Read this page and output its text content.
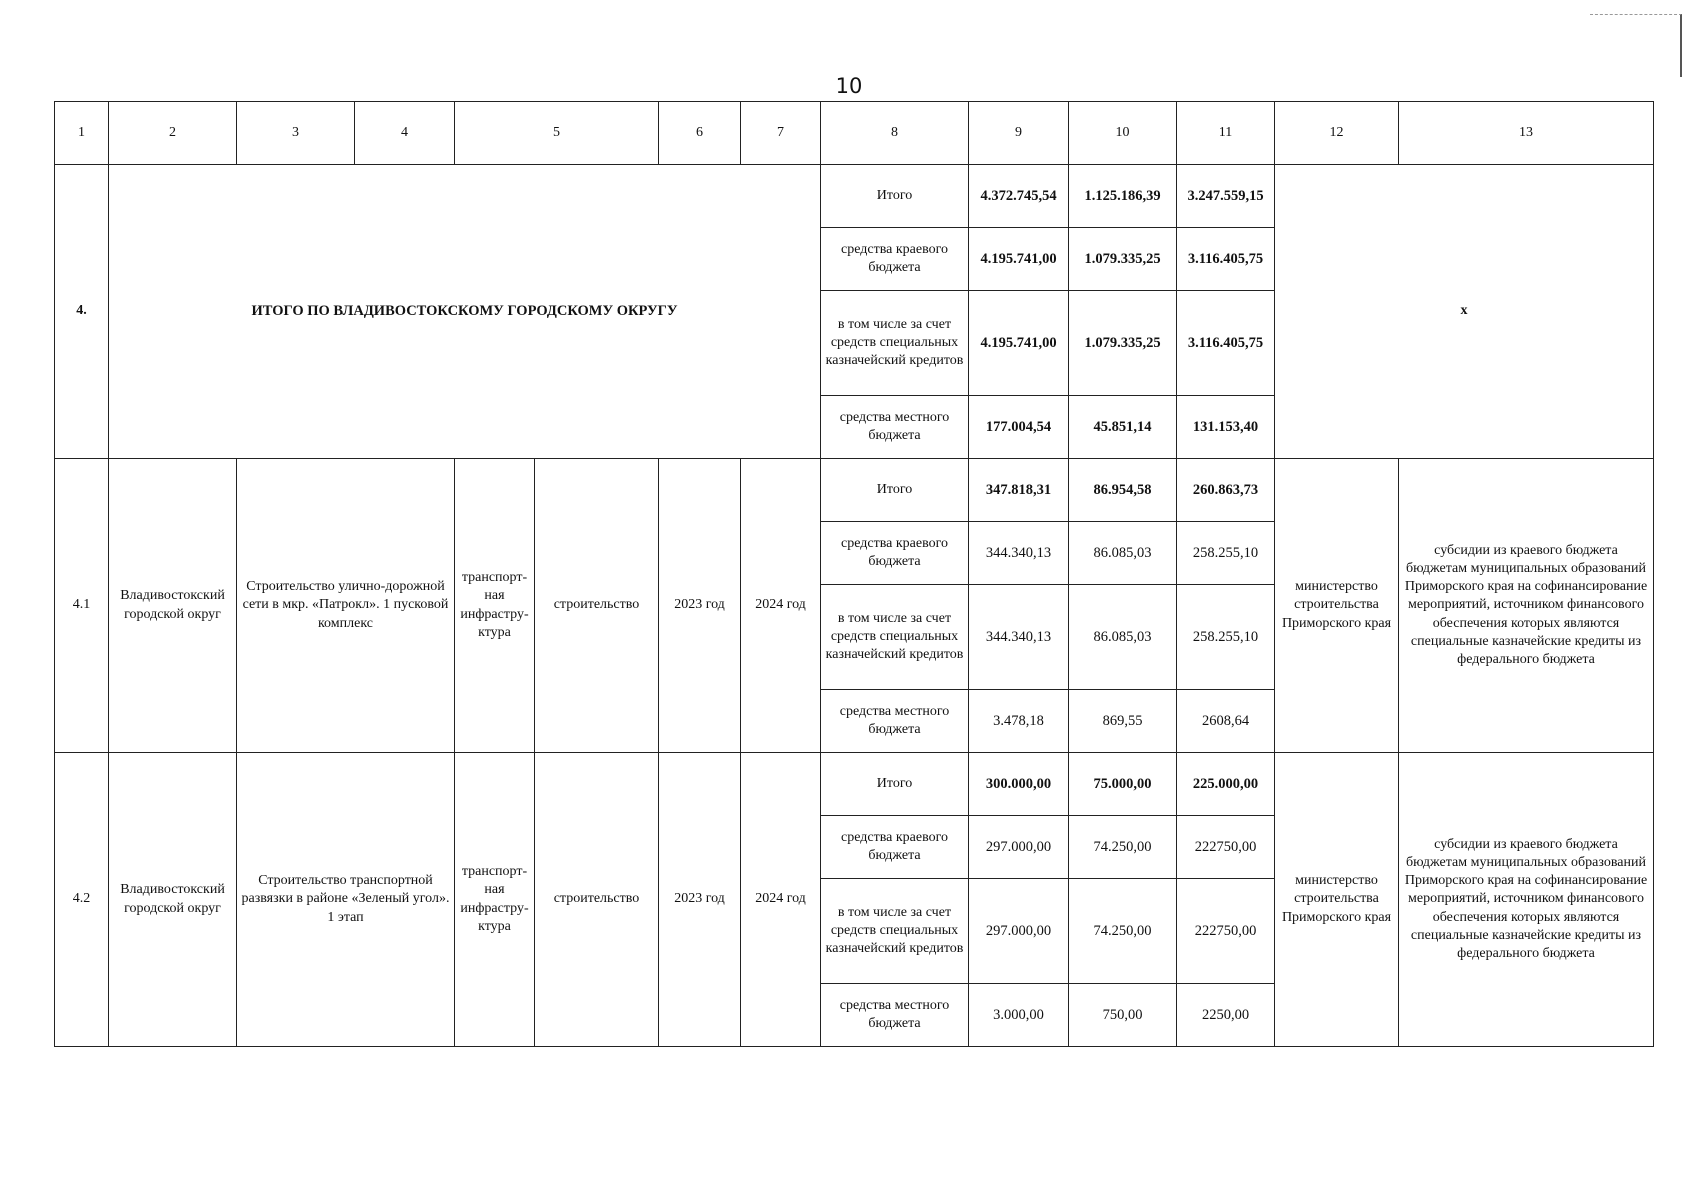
10
1	2	3	4	5		6	7	8	9	10	11	12	13
4.	ИТОГО ПО ВЛАДИВОСТОКСКОМУ ГОРОДСКОМУ ОКРУГУ							Итого	4.372.745,54	1.125.186,39	3.247.559,15	х	
								средства краевого бюджета	4.195.741,00	1.079.335,25	3.116.405,75		
								в том числе за счет средств специальных казначейский кредитов	4.195.741,00	1.079.335,25	3.116.405,75		
								средства местного бюджета	177.004,54	45.851,14	131.153,40		
4.1	Владивостокский городской округ	Строительство улично-дорожной сети в мкр. «Патрокл». 1 пусковой комплекс		транспорт-ная инфрастру-ктура	строительство	2023 год	2024 год	Итого	347.818,31	86.954,58	260.863,73	министерство строительства Приморского края	субсидии из краевого бюджета бюджетам муниципальных образований Приморского края на софинансирование мероприятий, источником финансового обеспечения которых являются специальные казначейские кредиты из федерального бюджета
								средства краевого бюджета	344.340,13	86.085,03	258.255,10		
								в том числе за счет средств специальных казначейский кредитов	344.340,13	86.085,03	258.255,10		
								средства местного бюджета	3.478,18	869,55	2608,64		
4.2	Владивостокский городской округ	Строительство транспортной развязки в районе «Зеленый угол». 1 этап		транспорт-ная инфрастру-ктура	строительство	2023 год	2024 год	Итого	300.000,00	75.000,00	225.000,00	министерство строительства Приморского края	субсидии из краевого бюджета бюджетам муниципальных образований Приморского края на софинансирование мероприятий, источником финансового обеспечения которых являются специальные казначейские кредиты из федерального бюджета
								средства краевого бюджета	297.000,00	74.250,00	222750,00		
								в том числе за счет средств специальных казначейский кредитов	297.000,00	74.250,00	222750,00		
								средства местного бюджета	3.000,00	750,00	2250,00		
